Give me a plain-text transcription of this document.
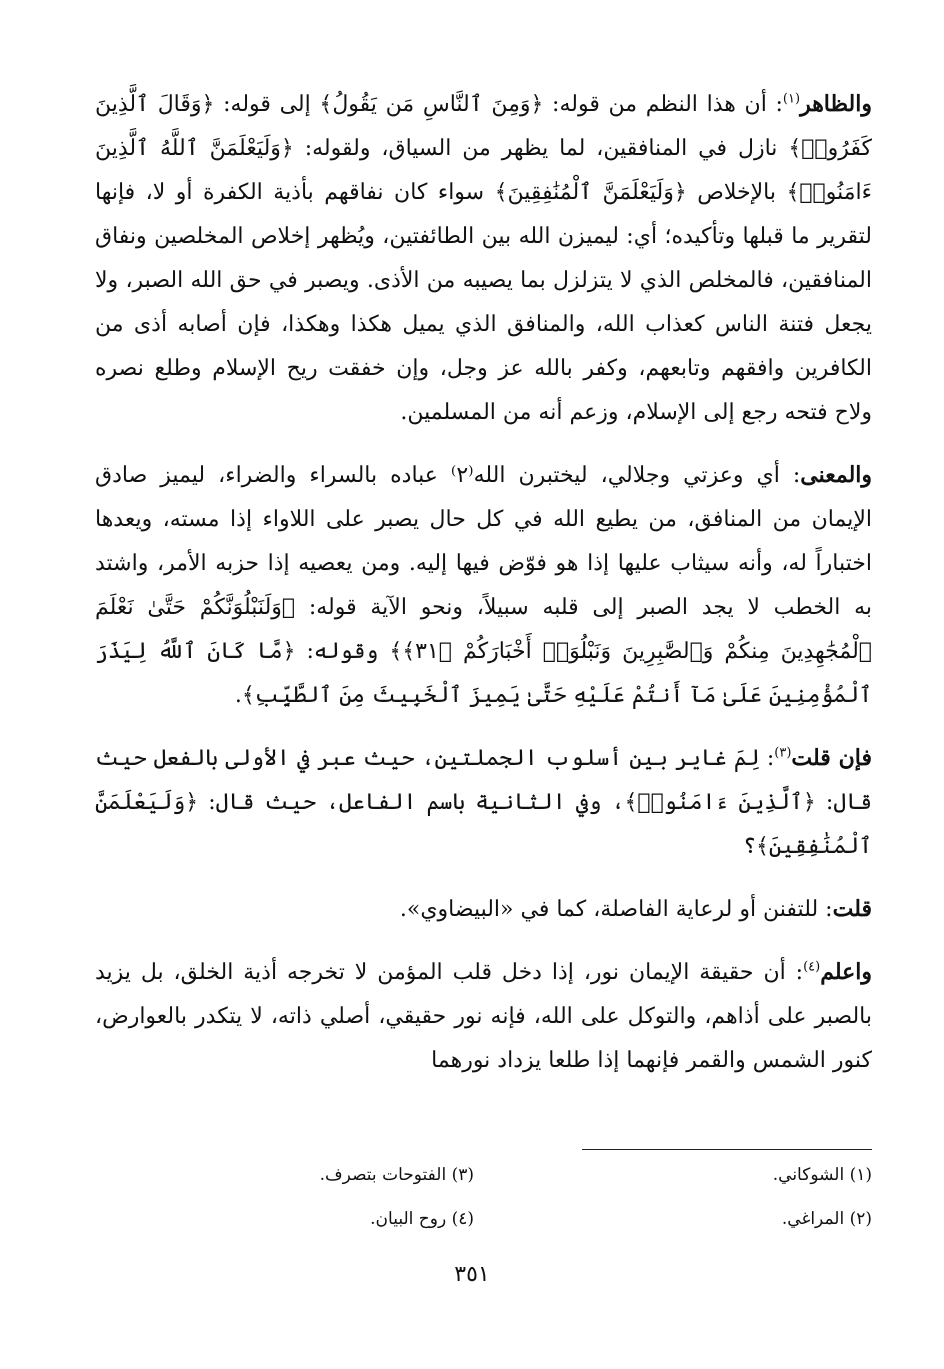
والظاهر$^{(١)}$: أن هذا النظم من قوله: ﴿وَمِنَ ٱلنَّاسِ مَن يَقُولُ﴾ إلى قوله: ﴿وَقَالَ ٱلَّذِينَ كَفَرُوا۟﴾ نازل في المنافقين، لما يظهر من السياق، ولقوله: ﴿وَلَيَعْلَمَنَّ ٱللَّهُ ٱلَّذِينَ ءَامَنُوا۟﴾ بالإخلاص ﴿وَلَيَعْلَمَنَّ ٱلْمُنَٰفِقِينَ﴾ سواء كان نفاقهم بأذية الكفرة أو لا، فإنها لتقرير ما قبلها وتأكيده؛ أي: ليميزن الله بين الطائفتين، ويُظهر إخلاص المخلصين ونفاق المنافقين، فالمخلص الذي لا يتزلزل بما يصيبه من الأذى. ويصبر في حق الله الصبر، ولا يجعل فتنة الناس كعذاب الله، والمنافق الذي يميل هكذا وهكذا، فإن أصابه أذى من الكافرين وافقهم وتابعهم، وكفر بالله عز وجل، وإن خفقت ريح الإسلام وطلع نصره ولاح فتحه رجع إلى الإسلام، وزعم أنه من المسلمين.

والمعنى: أي وعزتي وجلالي، ليختبرن الله⁽٢⁾ عباده بالسراء والضراء، ليميز صادق الإيمان من المنافق، من يطيع الله في كل حال يصبر على اللاواء إذا مسته، ويعدها اختباراً له، وأنه سيثاب عليها إذا هو فوّض فيها إليه. ومن يعصيه إذا حزبه الأمر، واشتد به الخطب لا يجد الصبر إلى قلبه سبيلاً، ونحو الآية قوله: ﴿وَلَنَبْلُوَنَّكُمْ حَتَّىٰ نَعْلَمَ ٱلْمُجَٰهِدِينَ مِنكُمْ وَٱلصَّٰبِرِينَ وَنَبْلُوَا۟ أَخْبَارَكُمْ ﴿٣١﴾﴾ وقوله: ﴿مَّا كَانَ ٱللَّهُ لِيَذَرَ ٱلْمُؤْمِنِينَ عَلَىٰ مَآ أَنتُمْ عَلَيْهِ حَتَّىٰ يَمِيزَ ٱلْخَبِيثَ مِنَ ٱلطَّيِّبِ﴾.

فإن قلت$^{(٣)}$: لِمَ غاير بين أسلوب الجملتين، حيث عبر في الأولى بالفعل حيث قال: ﴿ٱلَّذِينَ ءَامَنُوا۟﴾، وفي الثانية باسم الفاعل، حيث قال: ﴿وَلَيَعْلَمَنَّ ٱلْمُنَٰفِقِينَ﴾؟

قلت: للتفنن أو لرعاية الفاصلة، كما في «البيضاوي».

واعلم$^{(٤)}$: أن حقيقة الإيمان نور، إذا دخل قلب المؤمن لا تخرجه أذية الخلق، بل يزيد بالصبر على أذاهم، والتوكل على الله، فإنه نور حقيقي، أصلي ذاته، لا يتكدر بالعوارض، كنور الشمس والقمر فإنهما إذا طلعا يزداد نورهما

(١) الشوكاني.
(٣) الفتوحات بتصرف.
(٢) المراغي.
(٤) روح البيان.
٣٥١
